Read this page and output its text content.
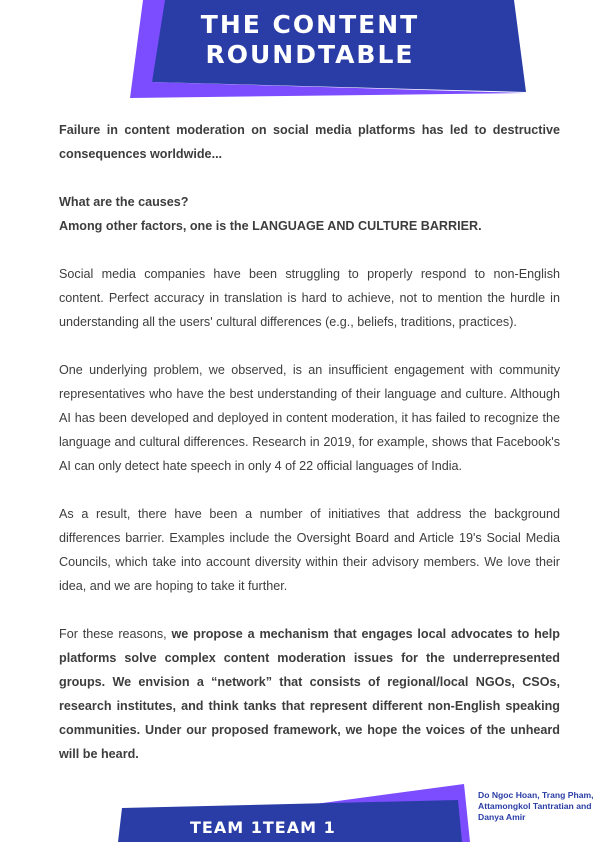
THE CONTENT
ROUNDTABLE

Failure in content moderation on social media platforms has led to destructive consequences worldwide...

What are the causes?

Among other factors, one is the LANGUAGE AND CULTURE BARRIER.

Social media companies have been struggling to properly respond to non-English content. Perfect accuracy in translation is hard to achieve, not to mention the hurdle in understanding all the users' cultural differences (e.g., beliefs, traditions, practices).

One underlying problem, we observed, is an insufficient engagement with community representatives who have the best understanding of their language and culture. Although AI has been developed and deployed in content moderation, it has failed to recognize the language and cultural differences. Research in 2019, for example, shows that Facebook's AI can only detect hate speech in only 4 of 22 official languages of India.

As a result, there have been a number of initiatives that address the background differences barrier. Examples include the Oversight Board and Article 19's Social Media Councils, which take into account diversity within their advisory members. We love their idea, and we are hoping to take it further.

For these reasons, we propose a mechanism that engages local advocates to help platforms solve complex content moderation issues for the underrepresented groups. We envision a “network” that consists of regional/local NGOs, CSOs, research institutes, and think tanks that represent different non-English speaking communities. Under our proposed framework, we hope the voices of the unheard will be heard.

TEAM 1TEAM 1
Do Ngoc Hoan, Trang Pham, Attamongkol Tantratian and Danya Amir
